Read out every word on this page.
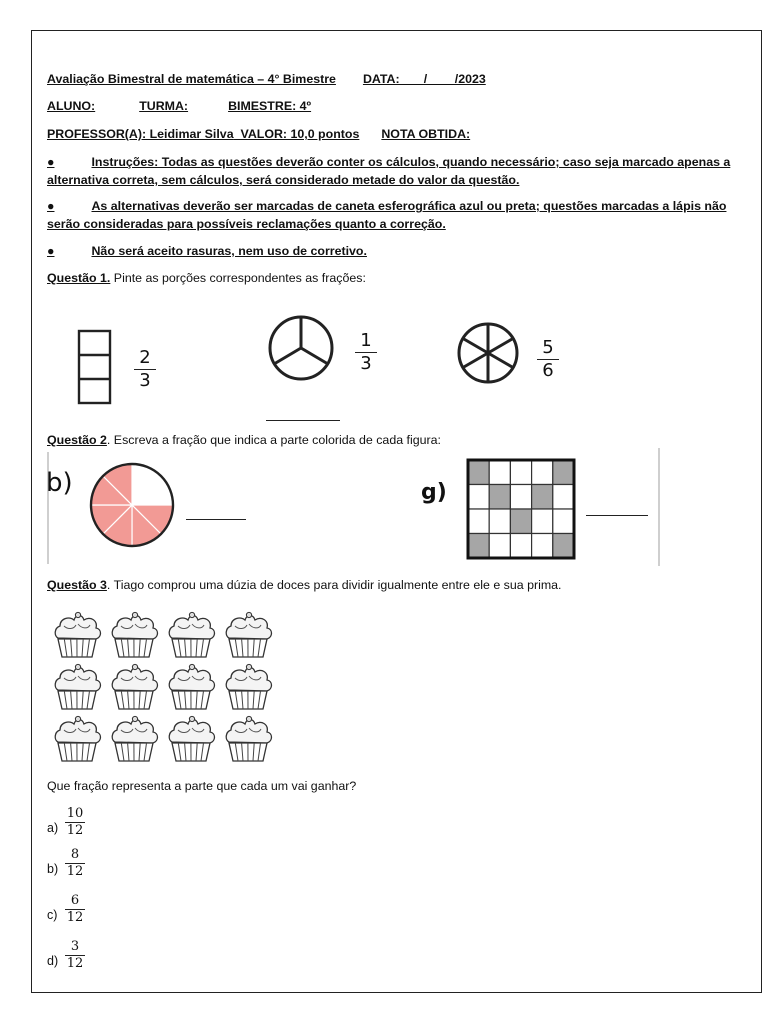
Avaliação Bimestral de matemática – 4° Bimestre DATA: ___/____/2023
ALUNO:	TURMA:	BIMESTRE: 4º
PROFESSOR(A): Leidimar Silva VALOR: 10,0 pontos NOTA OBTIDA:
●	Instruções: Todas as questões deverão conter os cálculos, quando necessário; caso seja marcado apenas a
alternativa correta, sem cálculos, será considerado metade do valor da questão.
●	As alternativas deverão ser marcadas de caneta esferográfica azul ou preta; questões marcadas a lápis não
serão consideradas para possíveis reclamações quanto a correção.
●	Não será aceito rasuras, nem uso de corretivo.
Questão 1. Pinte as porções correspondentes as frações:
2
3
1
3
5
6
Questão 2. Escreva a fração que indica a parte colorida de cada figura:
b)	g)
Questão 3. Tiago comprou uma dúzia de doces para dividir igualmente entre ele e sua prima.
Que fração representa a parte que cada um vai ganhar?
a)
10
12
b)
8
12
c)
6
12
d)
3
12
